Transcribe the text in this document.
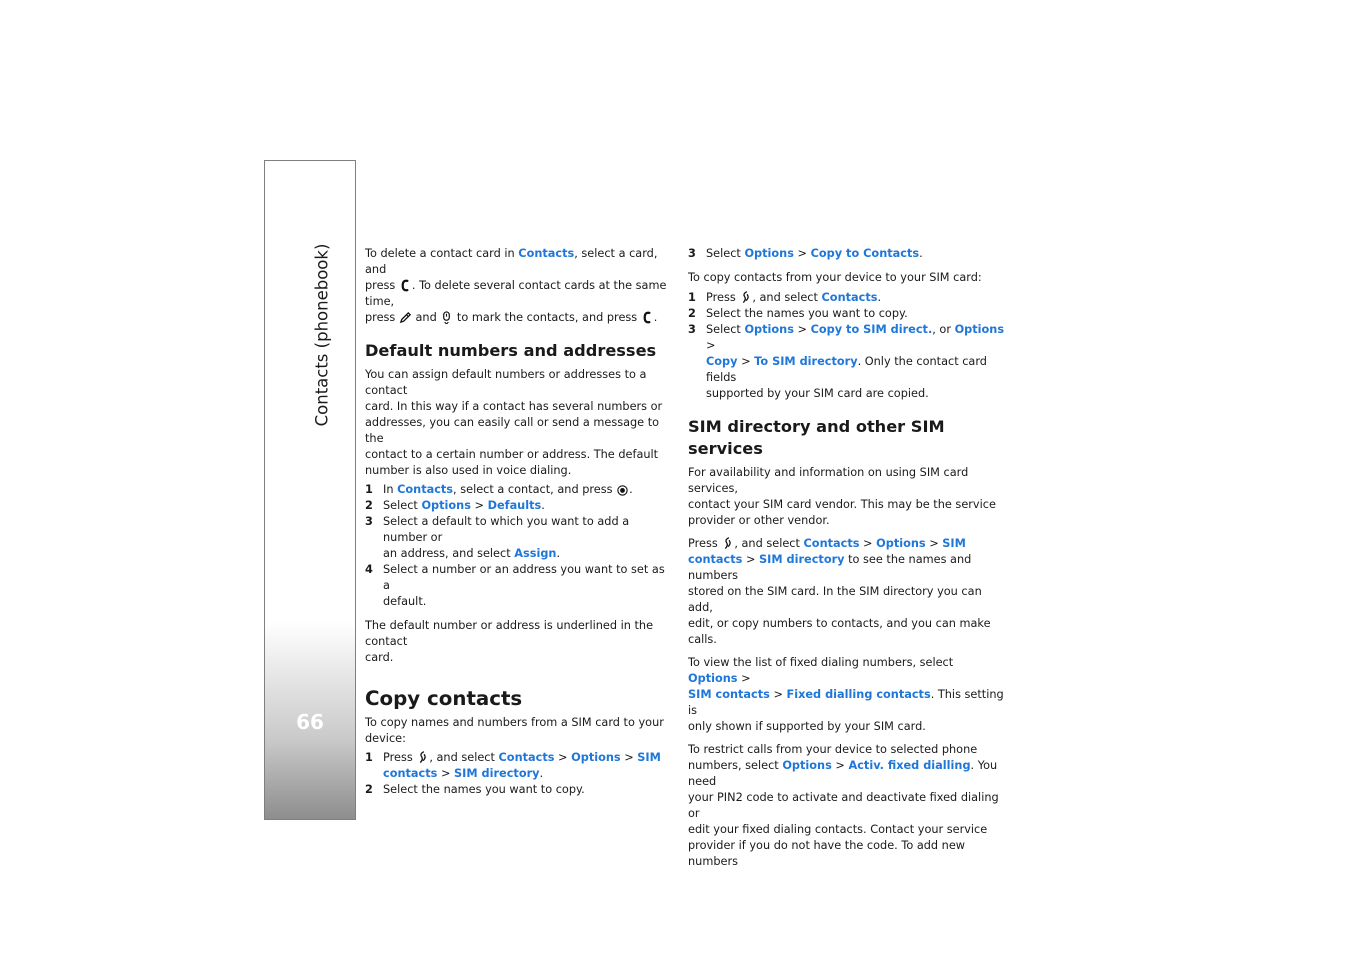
Contacts (phonebook)
66

To delete a contact card in Contacts, select a card, and
press . To delete several contact cards at the same time,
press  and  to mark the contacts, and press .

Default numbers and addresses

You can assign default numbers or addresses to a contact
card. In this way if a contact has several numbers or
addresses, you can easily call or send a message to the
contact to a certain number or address. The default
number is also used in voice dialing.

1 In Contacts, select a contact, and press .
2 Select Options > Defaults.
3 Select a default to which you want to add a number or
an address, and select Assign.
4 Select a number or an address you want to set as a
default.

The default number or address is underlined in the contact
card.

Copy contacts

To copy names and numbers from a SIM card to your
device:

1 Press , and select Contacts > Options > SIM
contacts > SIM directory.
2 Select the names you want to copy.
3 Select Options > Copy to Contacts.

To copy contacts from your device to your SIM card:

1 Press , and select Contacts.
2 Select the names you want to copy.
3 Select Options > Copy to SIM direct., or Options >
Copy > To SIM directory. Only the contact card fields
supported by your SIM card are copied.
SIM directory and other SIM services

For availability and information on using SIM card services,
contact your SIM card vendor. This may be the service
provider or other vendor.

Press , and select Contacts > Options > SIM
contacts > SIM directory to see the names and numbers
stored on the SIM card. In the SIM directory you can add,
edit, or copy numbers to contacts, and you can make calls.

To view the list of fixed dialing numbers, select Options >
SIM contacts > Fixed dialling contacts. This setting is
only shown if supported by your SIM card.

To restrict calls from your device to selected phone
numbers, select Options > Activ. fixed dialling. You need
your PIN2 code to activate and deactivate fixed dialing or
edit your fixed dialing contacts. Contact your service
provider if you do not have the code. To add new numbers
